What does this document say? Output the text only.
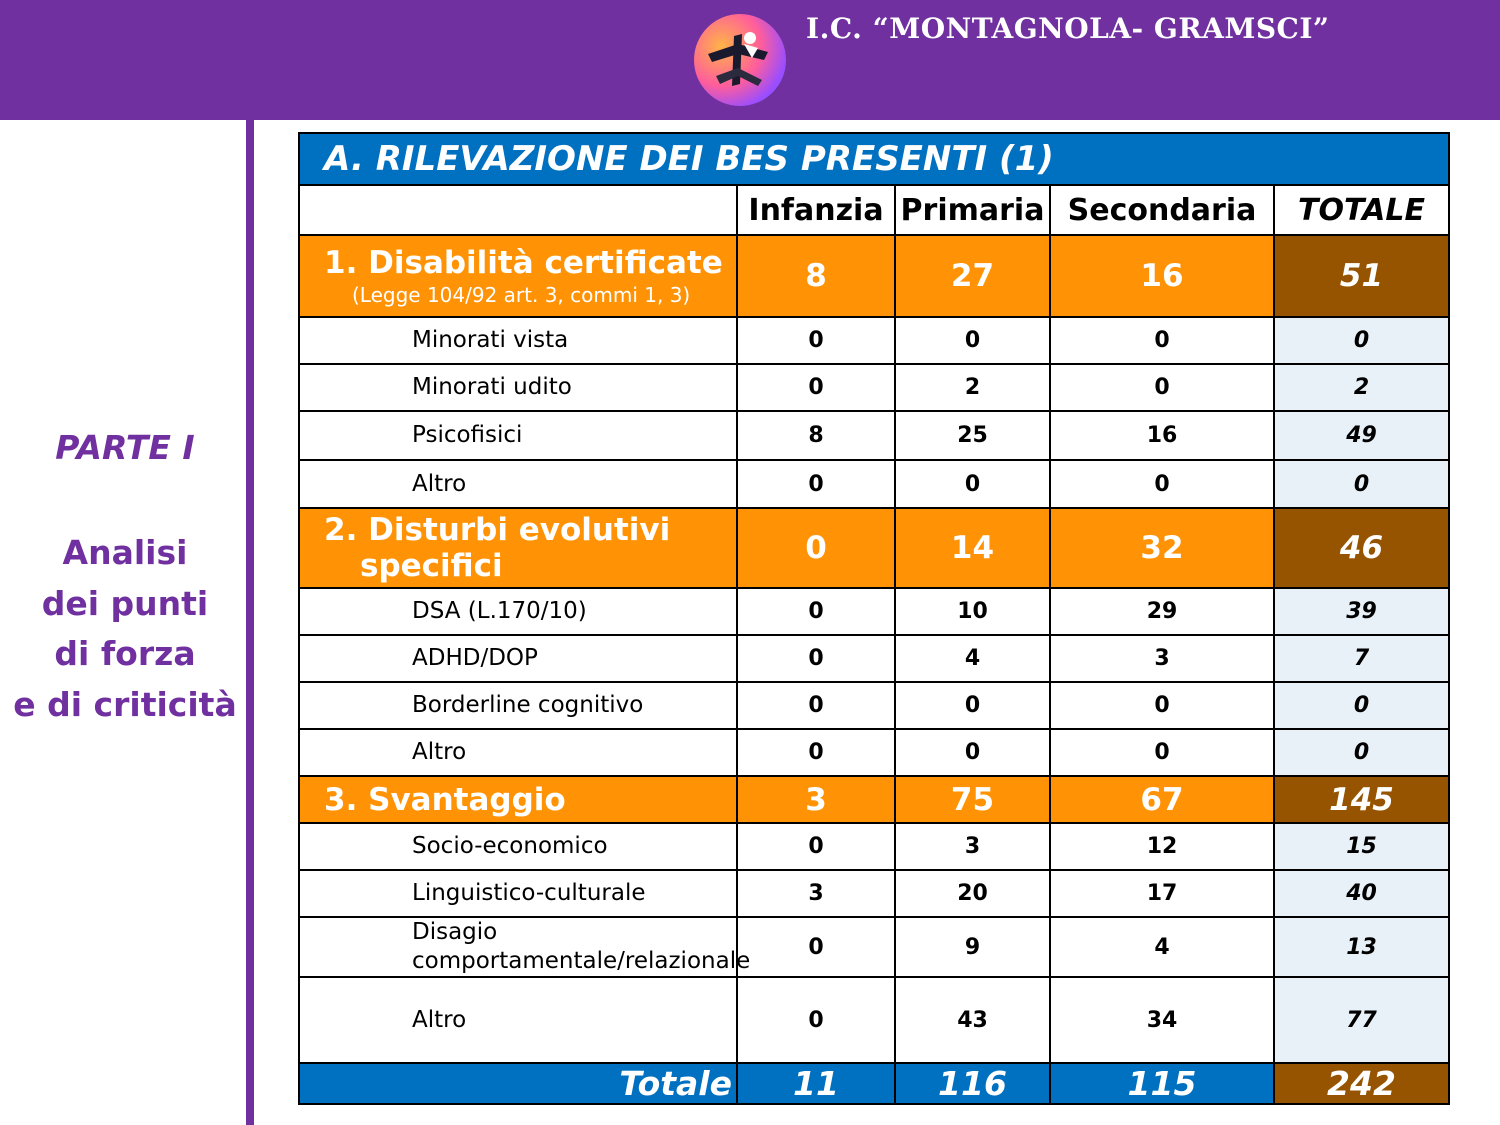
I.C. “MONTAGNOLA- GRAMSCI”
PARTE I
Analisi
dei punti
di forza
e di criticità
A. RILEVAZIONE DEI BES PRESENTI (1)				
	Infanzia	Primaria	Secondaria	TOTALE

1. Disabilità certificate
(Legge 104/92 art. 3, commi 1, 3)	8	27	16	51

Minorati vista	0	0	0	0

Minorati udito	0	2	0	2

Psicofisici	8	25	16	49

Altro	0	0	0	0

2. Disturbi evolutivi
specifici	0	14	32	46

DSA (L.170/10)	0	10	29	39

ADHD/DOP	0	4	3	7

Borderline cognitivo	0	0	0	0

Altro	0	0	0	0

3. Svantaggio	3	75	67	145

Socio-economico	0	3	12	15

Linguistico-culturale	3	20	17	40

Disagio
comportamentale/relazionale	0	9	4	13

Altro	0	43	34	77
Totale	11	116	115	242
